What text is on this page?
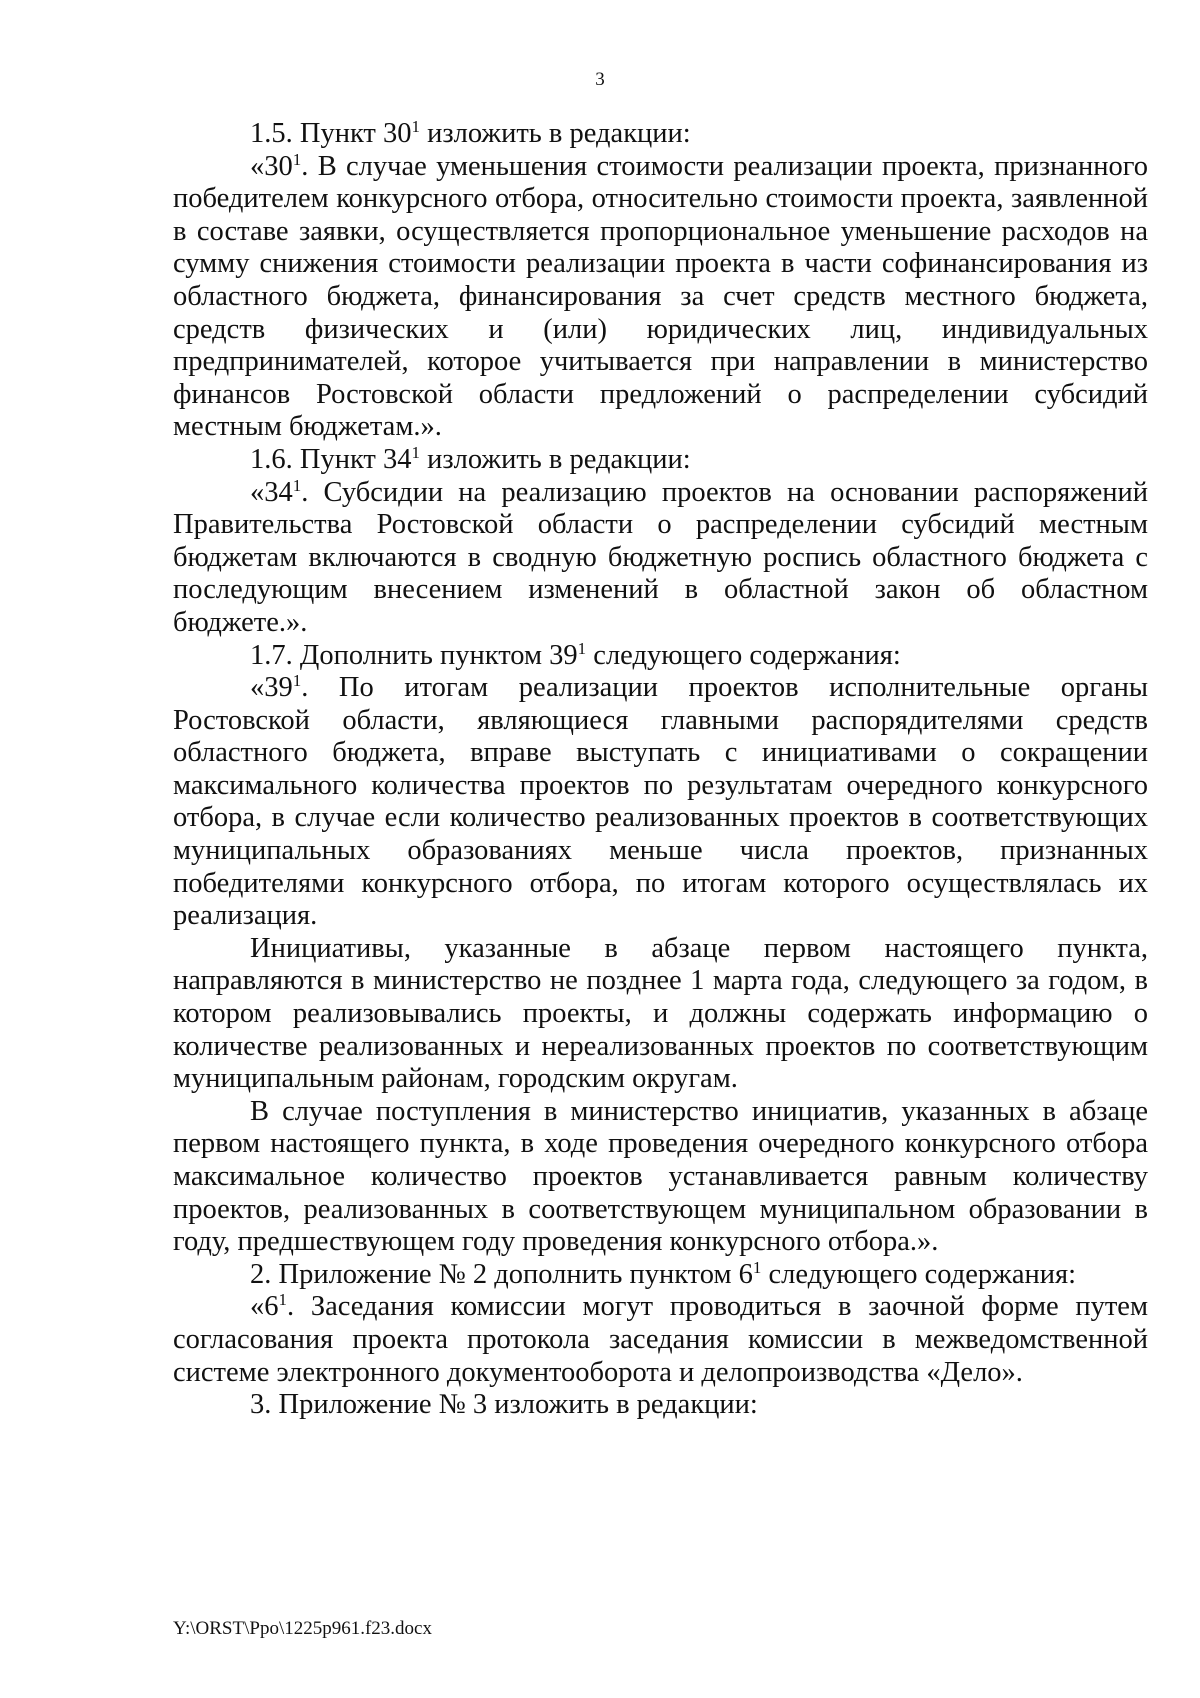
3

1.5. Пункт $30^1$ изложить в редакции:

«$30^1$. В случае уменьшения стоимости реализации проекта, признанного победителем конкурсного отбора, относительно стоимости проекта, заявленной в составе заявки, осуществляется пропорциональное уменьшение расходов на сумму снижения стоимости реализации проекта в части софинансирования из областного бюджета, финансирования за счет средств местного бюджета, средств физических и (или) юридических лиц, индивидуальных предпринимателей, которое учитывается при направлении в министерство финансов Ростовской области предложений о распределении субсидий местным бюджетам.».

1.6. Пункт $34^1$ изложить в редакции:

«$34^1$. Субсидии на реализацию проектов на основании распоряжений Правительства Ростовской области о распределении субсидий местным бюджетам включаются в сводную бюджетную роспись областного бюджета с последующим внесением изменений в областной закон об областном бюджете.».

1.7. Дополнить пунктом $39^1$ следующего содержания:

«$39^1$. По итогам реализации проектов исполнительные органы Ростовской области, являющиеся главными распорядителями средств областного бюджета, вправе выступать с инициативами о сокращении максимального количества проектов по результатам очередного конкурсного отбора, в случае если количество реализованных проектов в соответствующих муниципальных образованиях меньше числа проектов, признанных победителями конкурсного отбора, по итогам которого осуществлялась их реализация.

Инициативы, указанные в абзаце первом настоящего пункта, направляются в министерство не позднее 1 марта года, следующего за годом, в котором реализовывались проекты, и должны содержать информацию о количестве реализованных и нереализованных проектов по соответствующим муниципальным районам, городским округам.

В случае поступления в министерство инициатив, указанных в абзаце первом настоящего пункта, в ходе проведения очередного конкурсного отбора максимальное количество проектов устанавливается равным количеству проектов, реализованных в соответствующем муниципальном образовании в году, предшествующем году проведения конкурсного отбора.».

2. Приложение № 2 дополнить пунктом $6^1$ следующего содержания:

«$6^1$. Заседания комиссии могут проводиться в заочной форме путем согласования проекта протокола заседания комиссии в межведомственной системе электронного документооборота и делопроизводства «Дело».

3. Приложение № 3 изложить в редакции:

Y:\ORST\Ppo\1225p961.f23.docx
